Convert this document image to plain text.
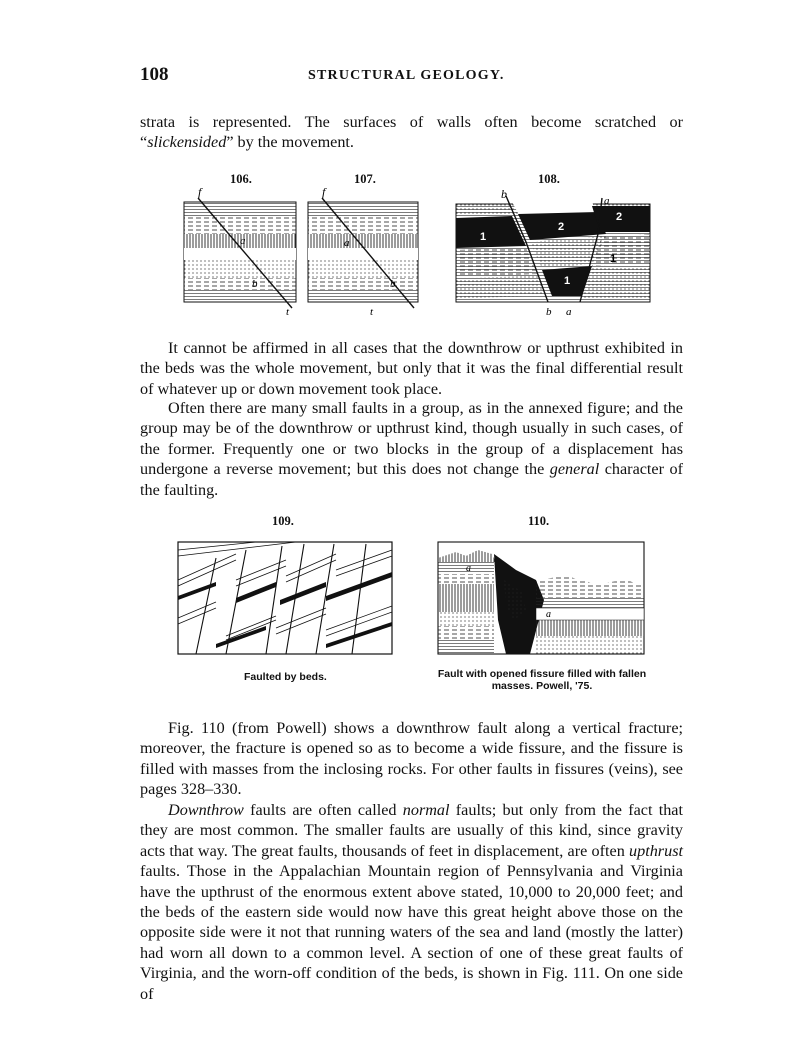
108	STRUCTURAL GEOLOGY.

strata is represented. The surfaces of walls often become scratched or “slickensided” by the movement.

106.	107.	108.
f
a
b
t
f
a
b
t
b	a
1
2
2
1
1
b a

It cannot be affirmed in all cases that the downthrow or upthrust exhibited in the beds was the whole movement, but only that it was the final differential result of whatever up or down movement took place.

Often there are many small faults in a group, as in the annexed figure; and the group may be of the downthrow or upthrust kind, though usually in such cases, of the former. Frequently one or two blocks in the group of a displacement has undergone a reverse movement; but this does not change the general character of the faulting.

109.	110.
Faulted by beds.
a
a
Fault with opened fissure filled with fallen
masses. Powell, '75.

Fig. 110 (from Powell) shows a downthrow fault along a vertical fracture; moreover, the fracture is opened so as to become a wide fissure, and the fissure is filled with masses from the inclosing rocks. For other faults in fissures (veins), see pages 328–330.

Downthrow faults are often called normal faults; but only from the fact that they are most common. The smaller faults are usually of this kind, since gravity acts that way. The great faults, thousands of feet in displacement, are often upthrust faults. Those in the Appalachian Mountain region of Pennsylvania and Virginia have the upthrust of the enormous extent above stated, 10,000 to 20,000 feet; and the beds of the eastern side would now have this great height above those on the opposite side were it not that running waters of the sea and land (mostly the latter) had worn all down to a common level. A section of one of these great faults of Virginia, and the worn-off condition of the beds, is shown in Fig. 111. On one side of
